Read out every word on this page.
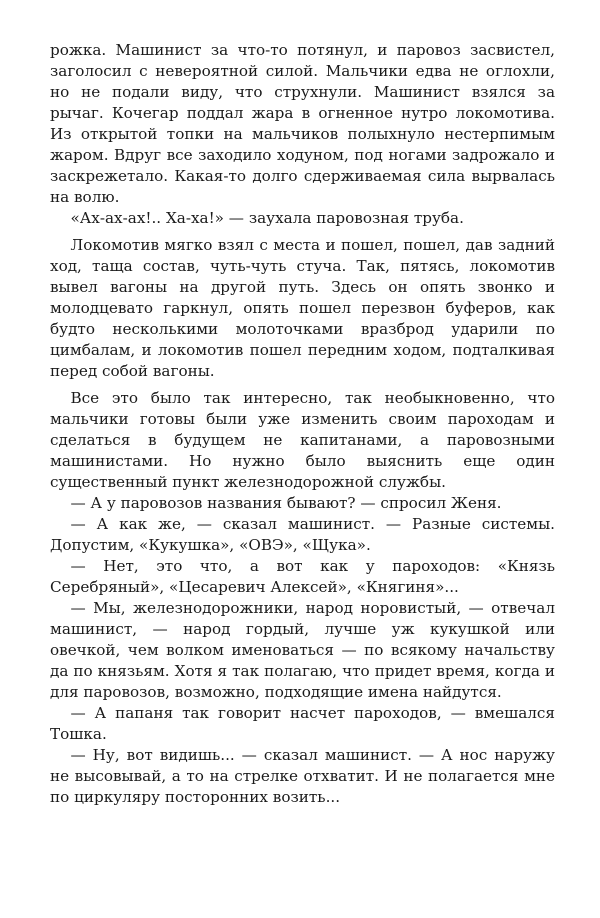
рожка. Машинист за что-то потянул, и паровоз засвистел, заголосил с невероятной силой. Мальчики едва не оглохли, но не подали виду, что струхнули. Машинист взялся за рычаг. Кочегар поддал жара в огненное нутро локомотива. Из открытой топки на мальчиков полыхнуло нестерпимым жаром. Вдруг все заходило ходуном, под ногами задрожало и заскрежетало. Какая-то долго сдерживаемая сила вырвалась на волю.

«Ах-ах-ах!.. Ха-ха!» — заухала паровозная труба.

Локомотив мягко взял с места и пошел, пошел, дав задний ход, таща состав, чуть-чуть стуча. Так, пятясь, локомотив вывел вагоны на другой путь. Здесь он опять звонко и молодцевато гаркнул, опять пошел перезвон буферов, как будто несколькими молоточками вразброд ударили по цимбалам, и локомотив пошел передним ходом, подталкивая перед собой вагоны.

Все это было так интересно, так необыкновенно, что мальчики готовы были уже изменить своим пароходам и сделаться в будущем не капитанами, а паровозными машинистами. Но нужно было выяснить еще один существенный пункт железнодорожной службы.

— А у паровозов названия бывают? — спросил Женя.

— А как же, — сказал машинист. — Разные системы. Допустим, «Кукушка», «ОВЭ», «Щука».

— Нет, это что, а вот как у пароходов: «Князь Серебряный», «Цесаревич Алексей», «Княгиня»...

— Мы, железнодорожники, народ норовистый, — отвечал машинист, — народ гордый, лучше уж кукушкой или овечкой, чем волком именоваться — по всякому начальству да по князьям. Хотя я так полагаю, что придет время, когда и для паровозов, возможно, подходящие имена найдутся.

— А папаня так говорит насчет пароходов, — вмешался Тошка.

— Ну, вот видишь... — сказал машинист. — А нос наружу не высовывай, а то на стрелке отхватит. И не полагается мне по циркуляру посторонних возить...
